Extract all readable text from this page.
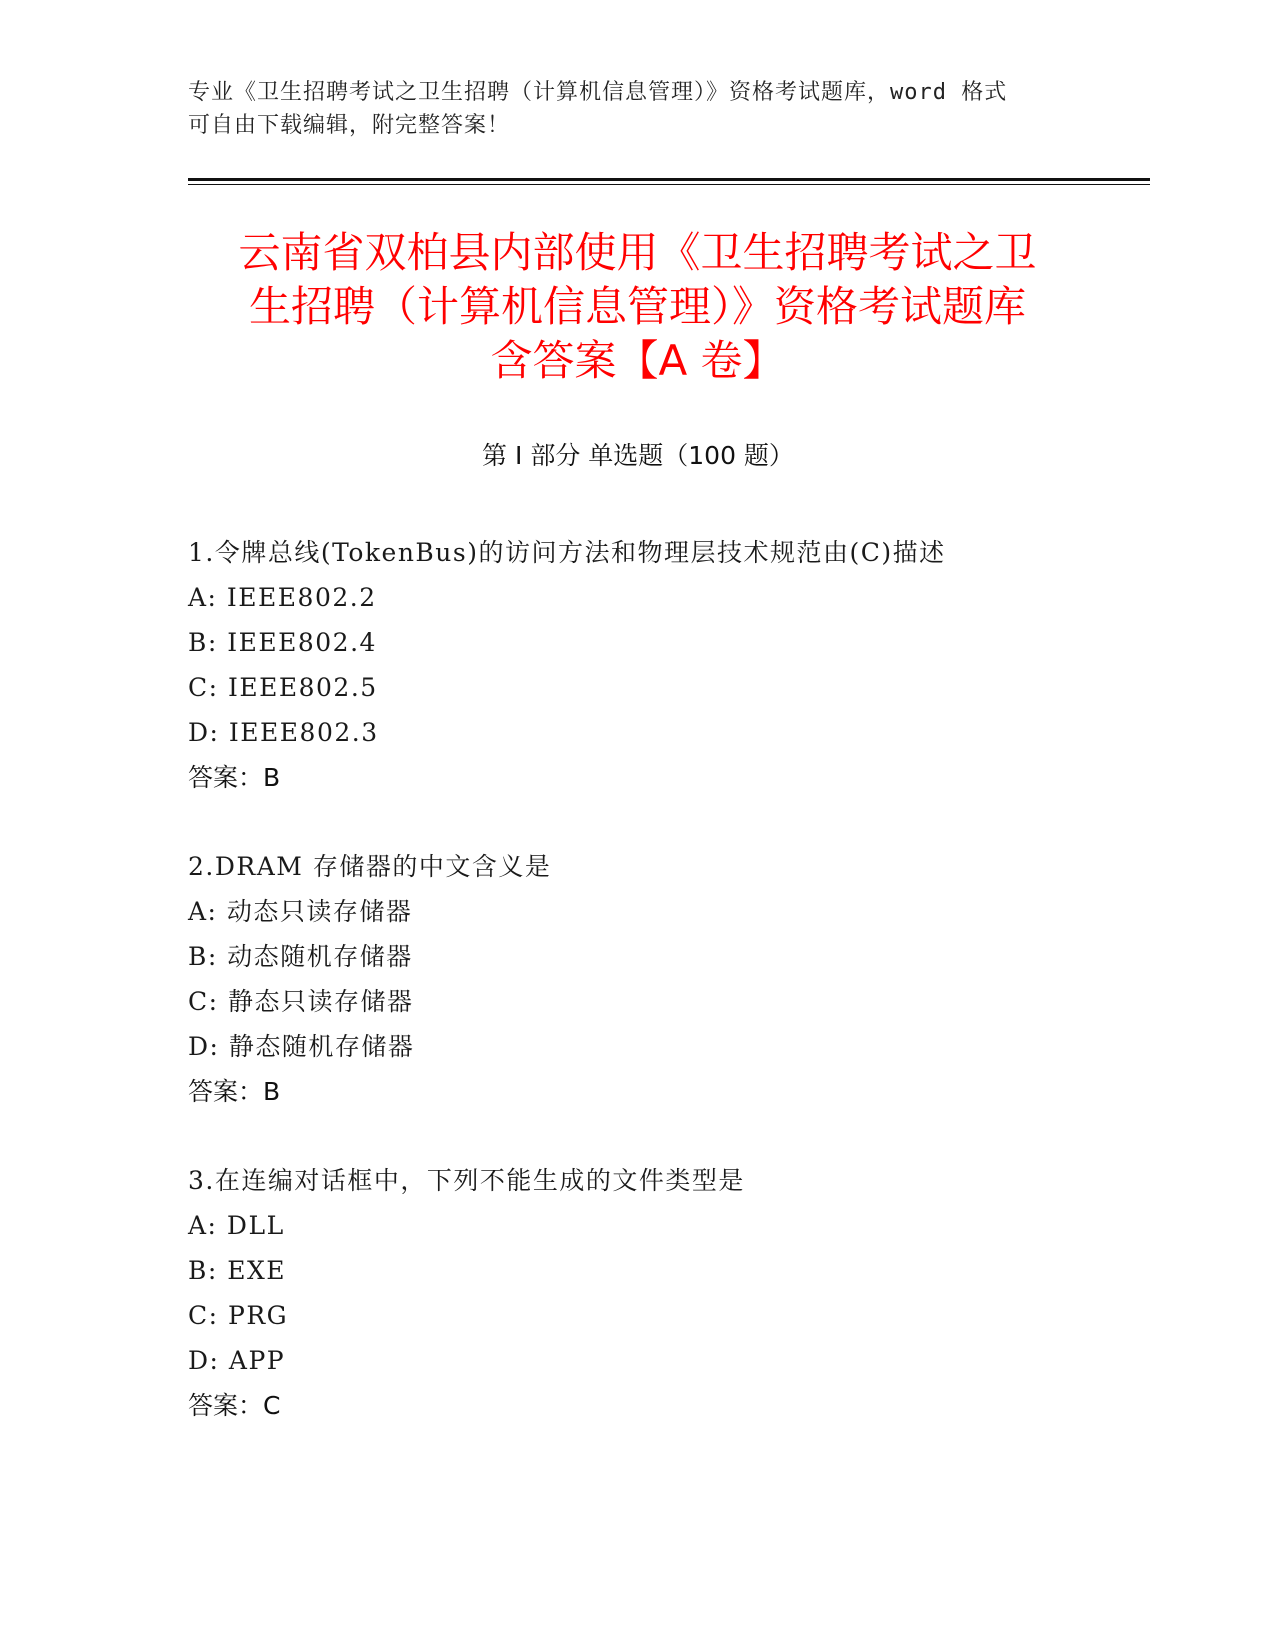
专业《卫生招聘考试之卫生招聘（计算机信息管理）》资格考试题库，word 格式
可自由下载编辑，附完整答案！
云南省双柏县内部使用《卫生招聘考试之卫
生招聘（计算机信息管理）》资格考试题库
含答案【A 卷】
第 I 部分 单选题（100 题）
1.令牌总线(TokenBus)的访问方法和物理层技术规范由(C)描述
A: IEEE802.2
B: IEEE802.4
C: IEEE802.5
D: IEEE802.3
答案：B
2.DRAM 存储器的中文含义是
A: 动态只读存储器
B: 动态随机存储器
C: 静态只读存储器
D: 静态随机存储器
答案：B
3.在连编对话框中，下列不能生成的文件类型是
A: DLL
B: EXE
C: PRG
D: APP
答案：C
